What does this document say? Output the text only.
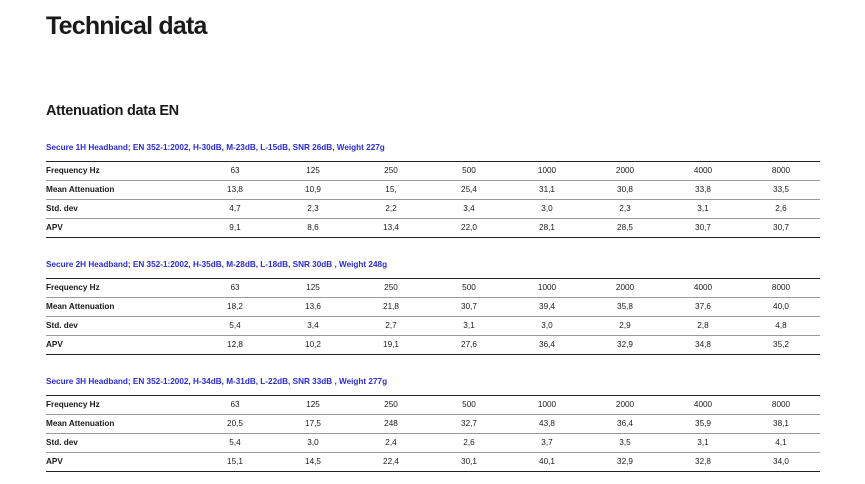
Technical data
Attenuation data EN
Secure 1H Headband; EN 352-1:2002, H-30dB, M-23dB, L-15dB, SNR 26dB, Weight 227g
Frequency Hz	63	125	250	500	1000	2000	4000	8000
Mean Attenuation	13,8	10,9	15,	25,4	31,1	30,8	33,8	33,5
Std. dev	4,7	2,3	2,2	3,4	3,0	2,3	3,1	2,6
APV	9,1	8,6	13,4	22,0	28,1	28,5	30,7	30,7
Secure 2H Headband; EN 352-1:2002, H-35dB, M-28dB, L-18dB, SNR 30dB , Weight 248g
Frequency Hz	63	125	250	500	1000	2000	4000	8000
Mean Attenuation	18,2	13,6	21,8	30,7	39,4	35,8	37,6	40,0
Std. dev	5,4	3,4	2,7	3,1	3,0	2,9	2,8	4,8
APV	12,8	10,2	19,1	27,6	36,4	32,9	34,8	35,2
Secure 3H Headband; EN 352-1:2002, H-34dB, M-31dB, L-22dB, SNR 33dB , Weight 277g
Frequency Hz	63	125	250	500	1000	2000	4000	8000
Mean Attenuation	20,5	17,5	248	32,7	43,8	36,4	35,9	38,1
Std. dev	5,4	3,0	2,4	2,6	3,7	3,5	3,1	4,1
APV	15,1	14,5	22,4	30,1	40,1	32,9	32,8	34,0
